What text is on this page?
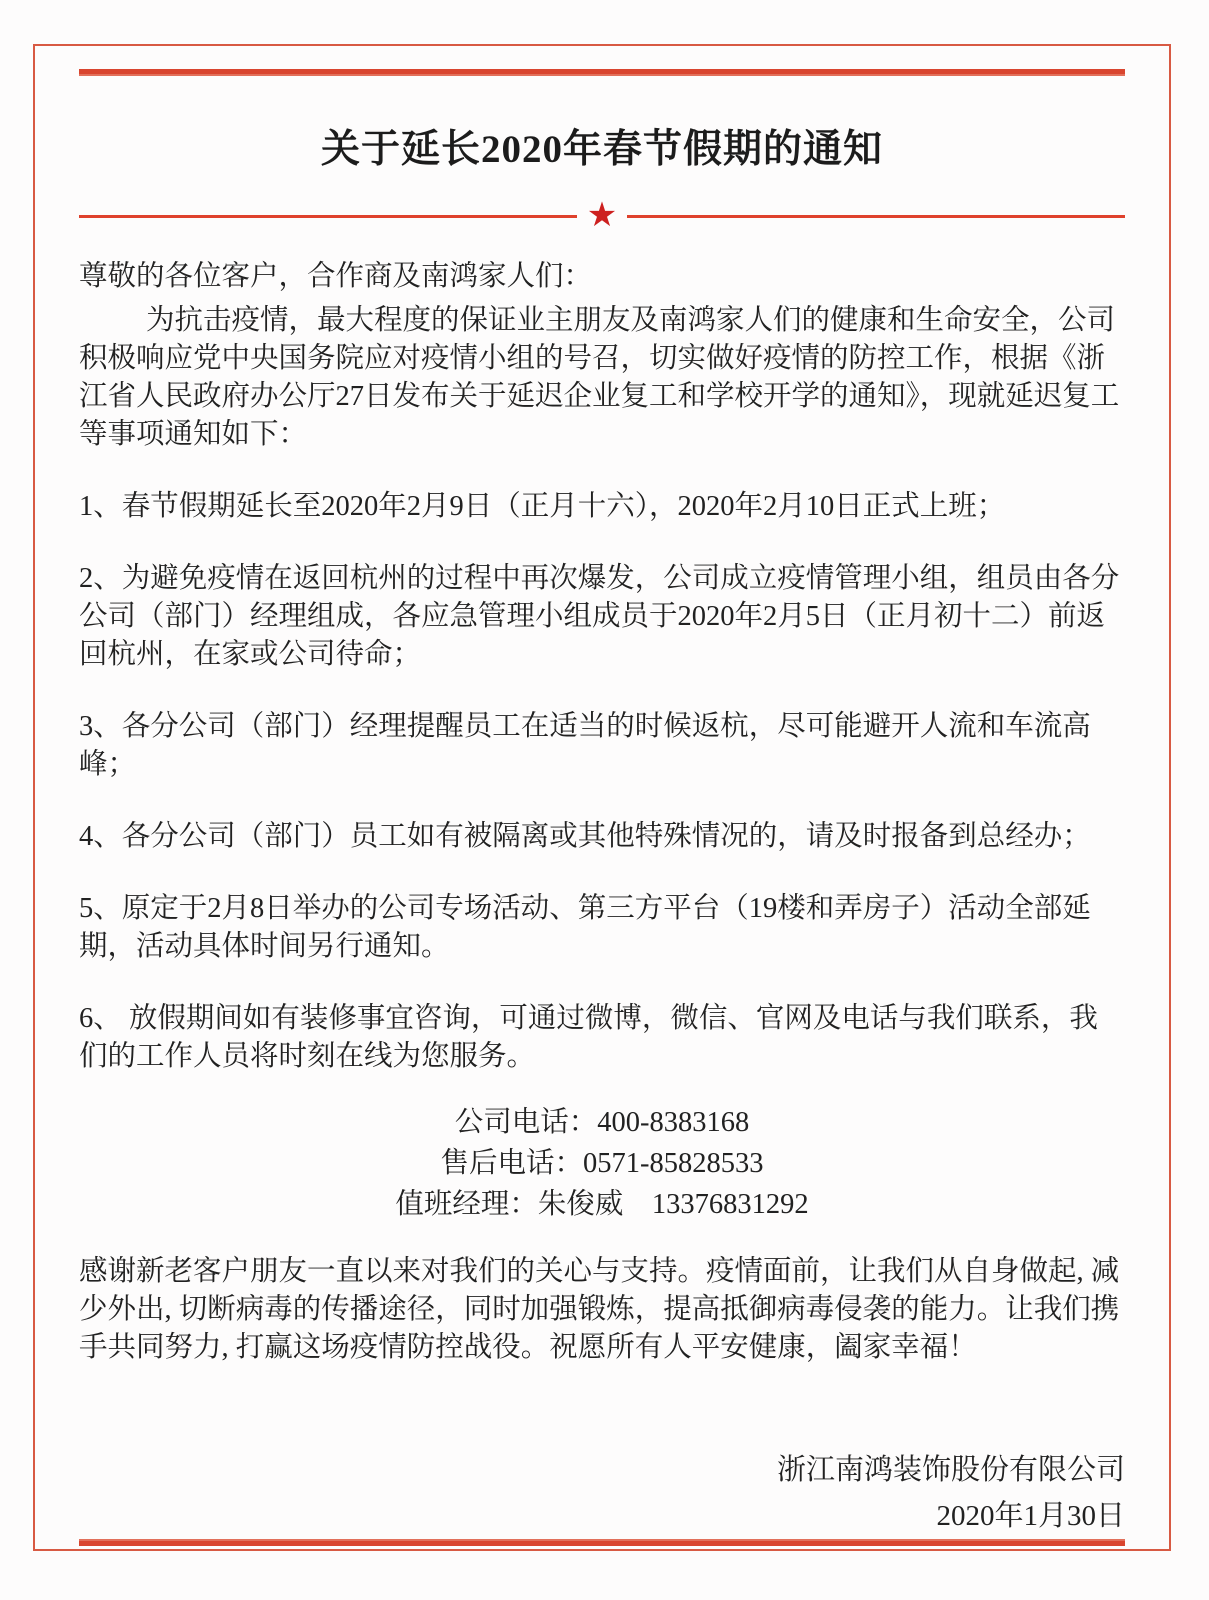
关于延长2020年春节假期的通知
★

尊敬的各位客户，合作商及南鸿家人们：

为抗击疫情，最大程度的保证业主朋友及南鸿家人们的健康和生命安全，公司积极响应党中央国务院应对疫情小组的号召，切实做好疫情的防控工作，根据《浙江省人民政府办公厅27日发布关于延迟企业复工和学校开学的通知》，现就延迟复工等事项通知如下：

1、春节假期延长至2020年2月9日（正月十六），2020年2月10日正式上班；

2、为避免疫情在返回杭州的过程中再次爆发，公司成立疫情管理小组，组员由各分公司（部门）经理组成，各应急管理小组成员于2020年2月5日（正月初十二）前返回杭州，在家或公司待命；

3、各分公司（部门）经理提醒员工在适当的时候返杭，尽可能避开人流和车流高峰；

4、各分公司（部门）员工如有被隔离或其他特殊情况的，请及时报备到总经办；

5、原定于2月8日举办的公司专场活动、第三方平台（19楼和弄房子）活动全部延期，活动具体时间另行通知。

6、 放假期间如有装修事宜咨询，可通过微博，微信、官网及电话与我们联系，我们的工作人员将时刻在线为您服务。

公司电话：400-8383168

售后电话：0571-85828533

值班经理：朱俊威　13376831292

感谢新老客户朋友一直以来对我们的关心与支持。疫情面前，让我们从自身做起, 减少外出, 切断病毒的传播途径，同时加强锻炼，提高抵御病毒侵袭的能力。让我们携手共同努力, 打赢这场疫情防控战役。祝愿所有人平安健康，阖家幸福！

浙江南鸿装饰股份有限公司

2020年1月30日
